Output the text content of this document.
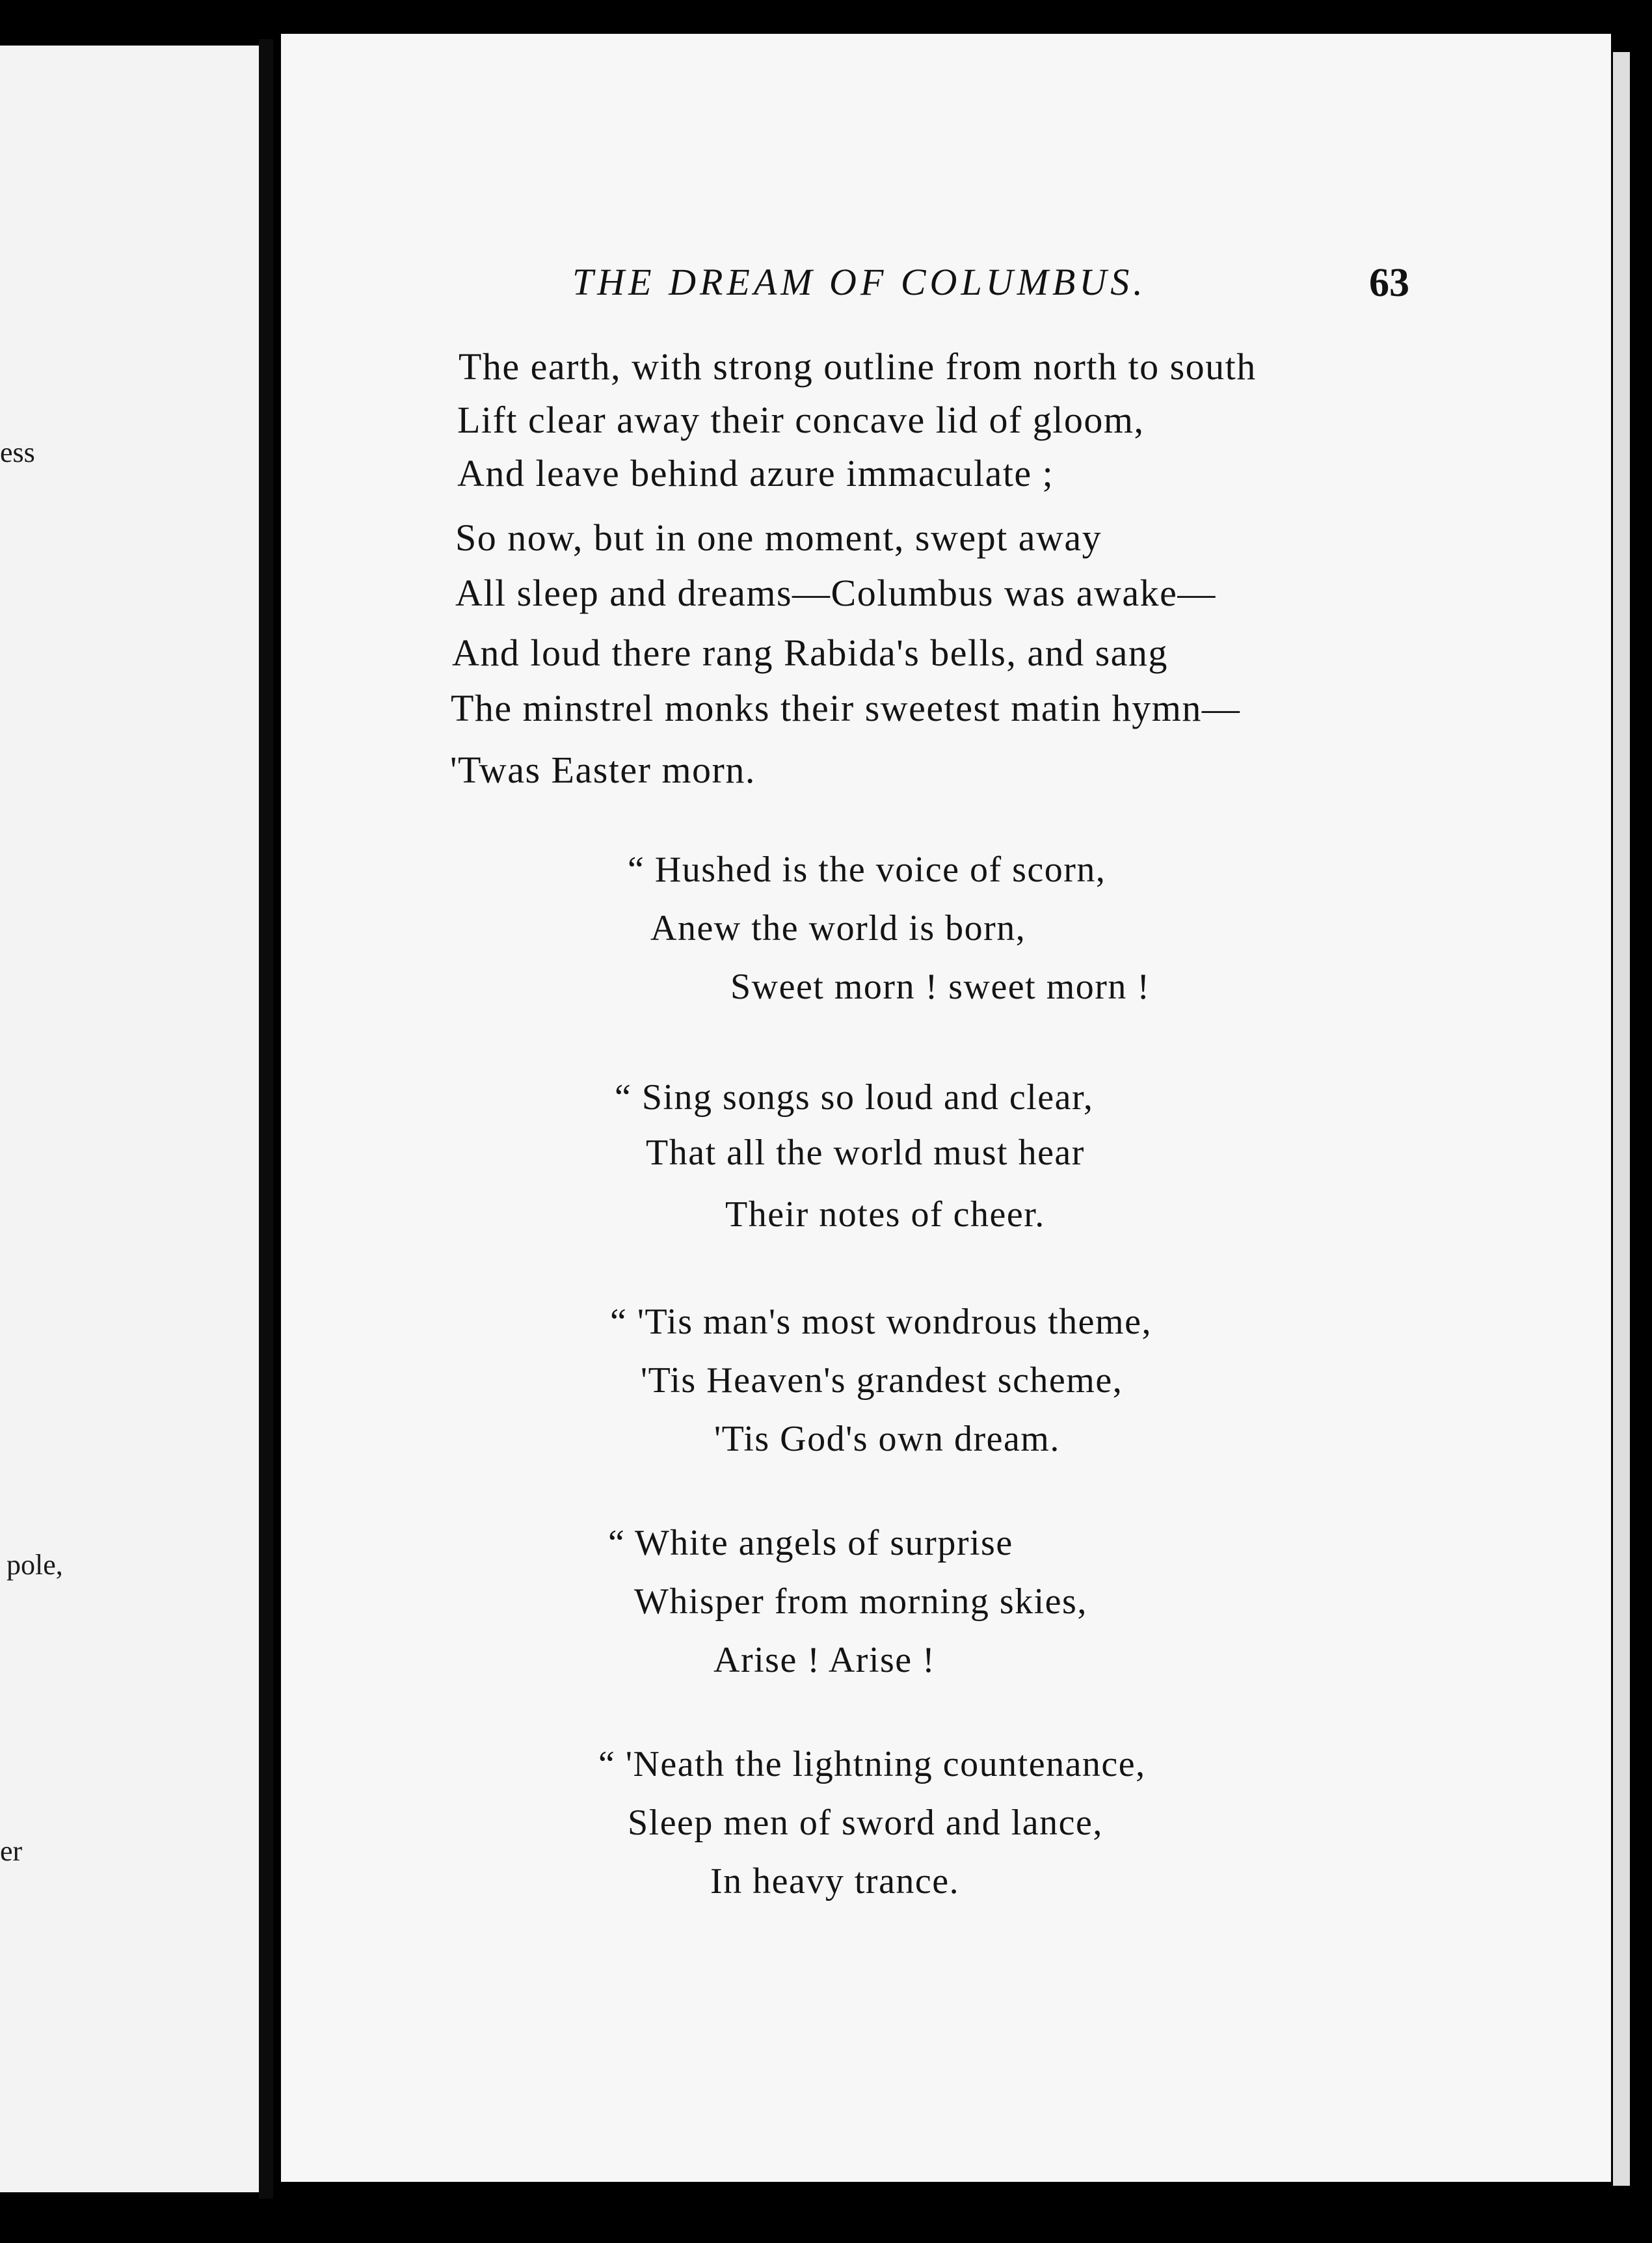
ess
pole,
er
THE DREAM OF COLUMBUS.	63
The earth, with strong outline from north to south
Lift clear away their concave lid of gloom,
And leave behind azure immaculate ;
So now, but in one moment, swept away
All sleep and dreams—Columbus was awake—
And loud there rang Rabida's bells, and sang
The minstrel monks their sweetest matin hymn—
'Twas Easter morn.
“ Hushed is the voice of scorn,
Anew the world is born,
Sweet morn ! sweet morn !
“ Sing songs so loud and clear,
That all the world must hear
Their notes of cheer.
“ 'Tis man's most wondrous theme,
'Tis Heaven's grandest scheme,
'Tis God's own dream.
“ White angels of surprise
Whisper from morning skies,
Arise ! Arise !
“ 'Neath the lightning countenance,
Sleep men of sword and lance,
In heavy trance.
